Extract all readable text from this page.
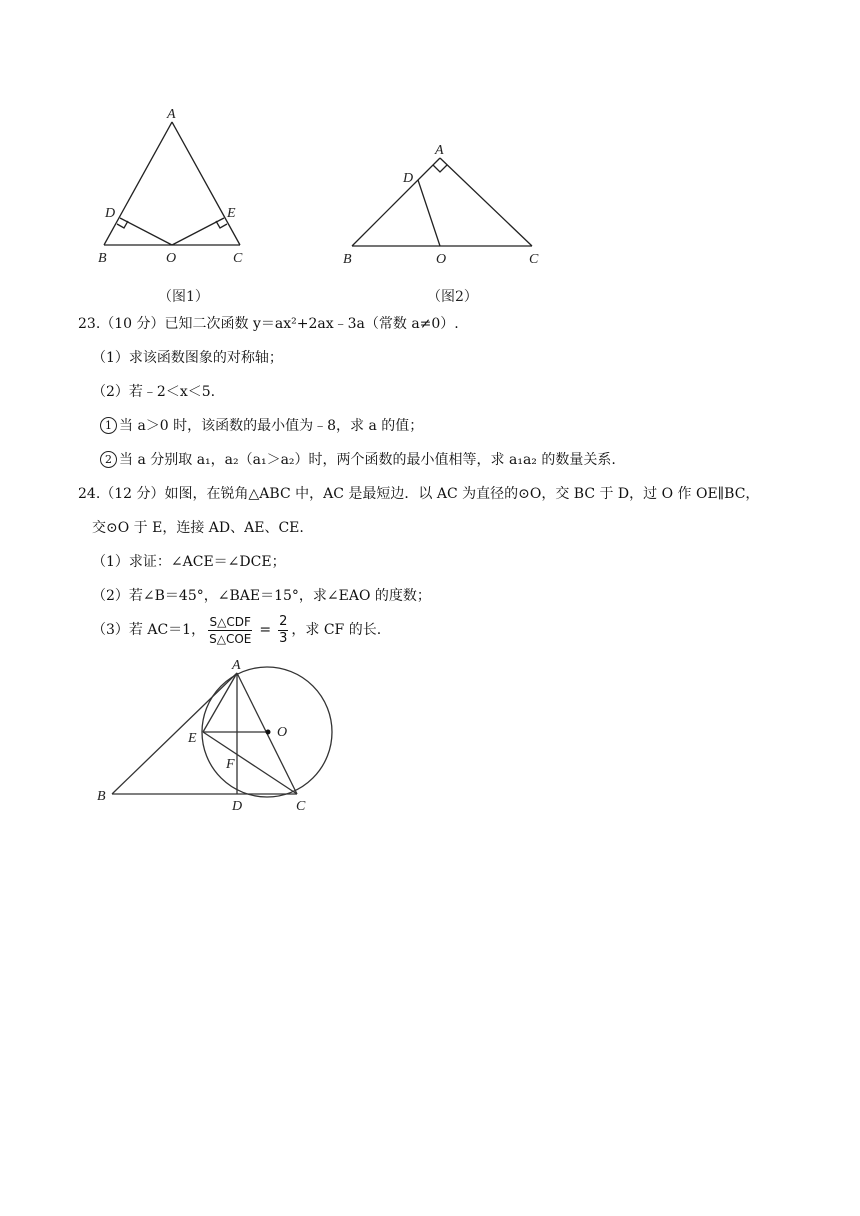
A
B	O	C
D	E
（图1）
A
D
B	O	C
（图2）
23.（10 分）已知二次函数 y＝ax²+2ax﹣3a（常数 a≠0）.
（1）求该函数图象的对称轴；
（2）若﹣2＜x＜5.
1 当 a＞0 时，该函数的最小值为﹣8，求 a 的值；
2 当 a 分别取 a₁，a₂（a₁＞a₂）时，两个函数的最小值相等，求 a₁a₂ 的数量关系.
24.（12 分）如图，在锐角△ABC 中，AC 是最短边．以 AC 为直径的⊙O，交 BC 于 D，过 O 作 OE∥BC，
交⊙O 于 E，连接 AD、AE、CE.
（1）求证：∠ACE＝∠DCE；
（2）若∠B＝45°，∠BAE＝15°，求∠EAO 的度数；
（3）若 AC＝1， $\frac{\text{S△CDF}}{\text{S△COE}} = \frac{2}{3}$ ，求 CF 的长.
A
O
E
F
B
D	C
